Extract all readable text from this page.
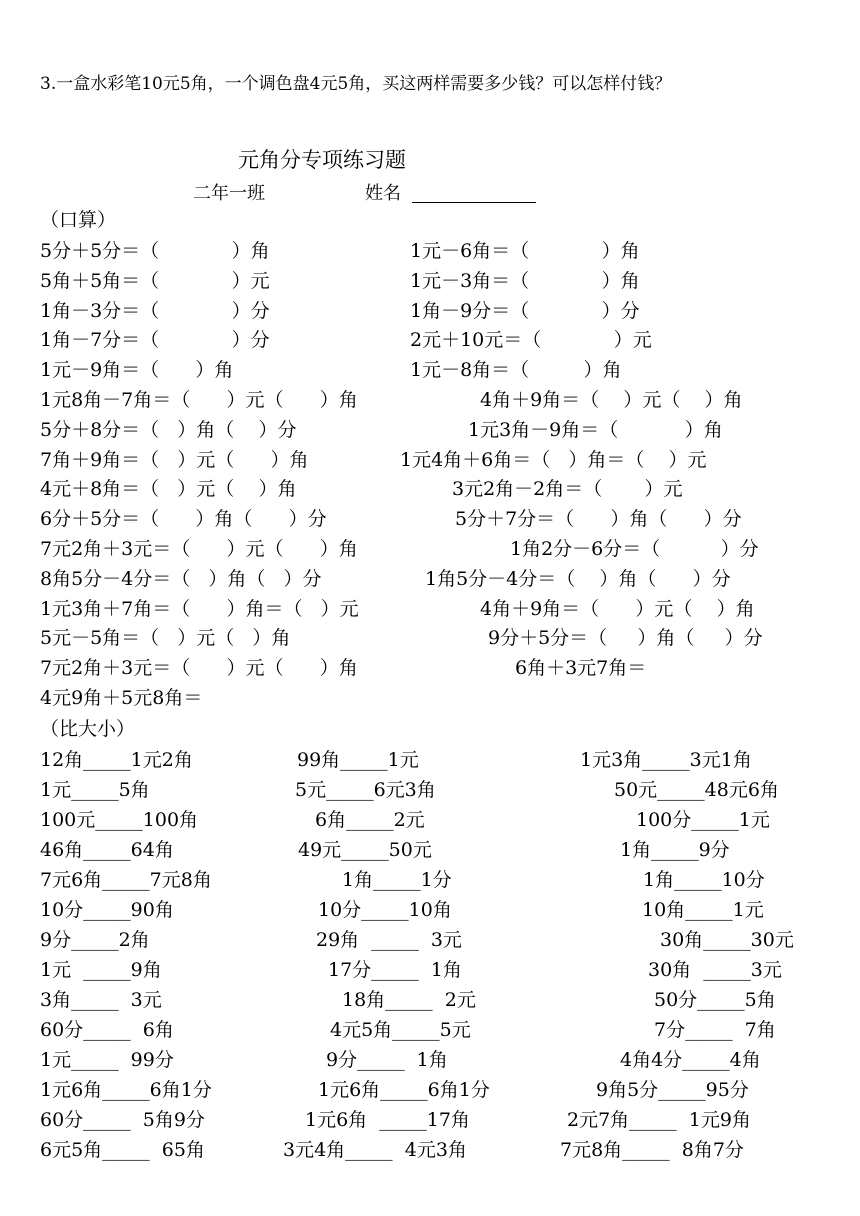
3.一盒水彩笔10元5角，一个调色盘4元5角，买这两样需要多少钱？可以怎样付钱？
元角分专项练习题
二年一班	姓名
（口算）
5分＋5分＝（            ）角	1元－6角＝（            ）角
5角＋5角＝（            ）元	1元－3角＝（            ）角
1角－3分＝（            ）分	1角－9分＝（            ）分
1角－7分＝（            ）分	2元＋10元＝（            ）元
1元－9角＝（      ）角	1元－8角＝（         ）角
1元8角－7角＝（      ）元（      ）角	4角＋9角＝（    ）元（    ）角
5分＋8分＝（   ）角（    ）分	1元3角－9角＝（           ）角
7角＋9角＝（   ）元（      ）角	1元4角＋6角＝（   ）角＝（    ）元
4元＋8角＝（   ）元（    ）角	3元2角－2角＝（       ）元
6分＋5分＝（      ）角（      ）分	5分＋7分＝（      ）角（      ）分
7元2角＋3元＝（      ）元（      ）角	1角2分－6分＝（          ）分
8角5分－4分＝（   ）角（   ）分	1角5分－4分＝（    ）角（      ）分
1元3角＋7角＝（      ）角＝（   ）元	4角＋9角＝（      ）元（    ）角
5元－5角＝（   ）元（   ）角	9分＋5分＝（     ）角（     ）分
7元2角＋3元＝（      ）元（      ）角	6角＋3元7角＝
4元9角＋5元8角＝
（比大小）
12角_____1元2角	99角_____1元	1元3角_____3元1角
1元_____5角	5元_____6元3角	50元_____48元6角
100元_____100角	6角_____2元	100分_____1元
46角_____64角	49元_____50元	1角_____9分
7元6角_____7元8角	1角_____1分	1角_____10分
10分_____90角	10分_____10角	10角_____1元
9分_____2角	29角  _____  3元	30角_____30元
1元  _____9角	17分_____  1角	30角  _____3元
3角_____  3元	18角_____  2元	50分_____5角
60分_____  6角	4元5角_____5元	7分_____  7角
1元_____  99分	9分_____  1角	4角4分_____4角
1元6角_____6角1分	1元6角_____6角1分	9角5分_____95分
60分_____  5角9分	1元6角  _____17角	2元7角_____  1元9角
6元5角_____  65角	3元4角_____  4元3角	7元8角_____  8角7分
